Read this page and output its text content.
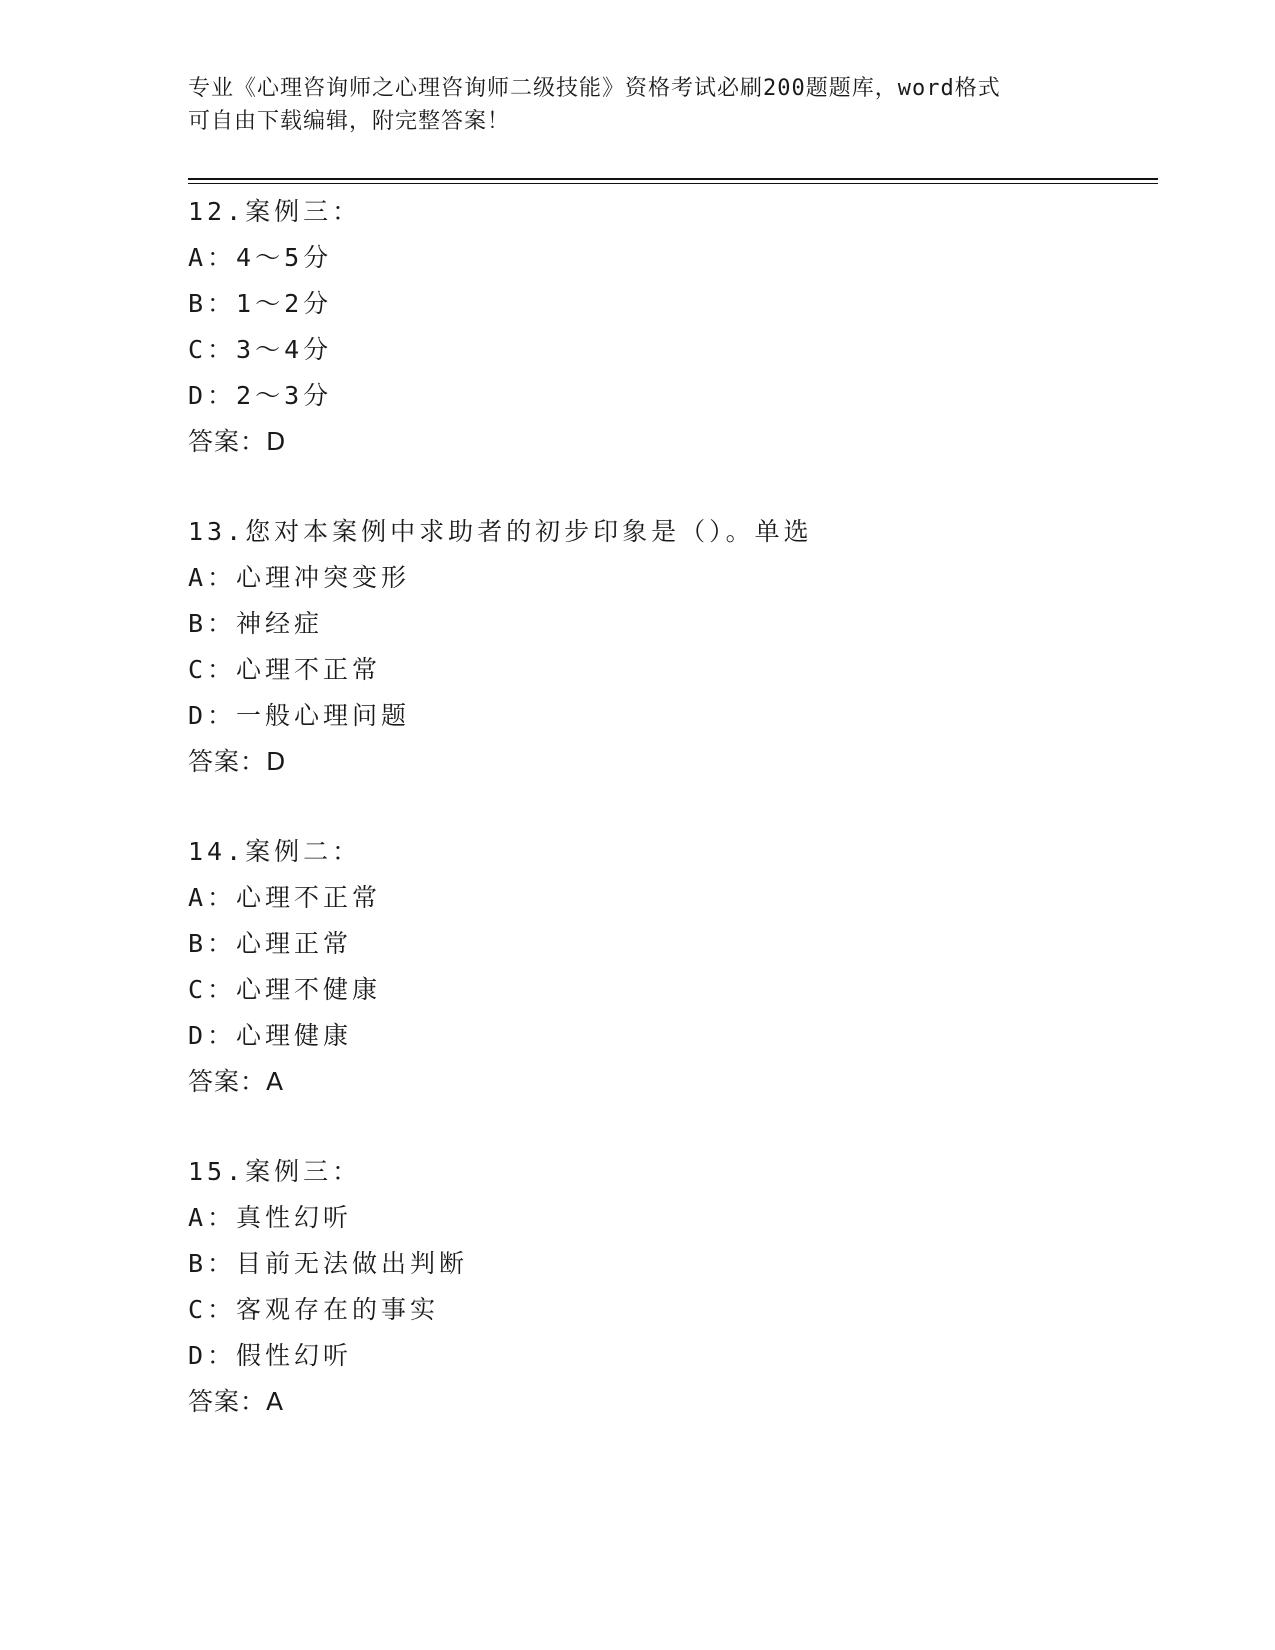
专业《心理咨询师之心理咨询师二级技能》资格考试必刷200题题库，word格式
可自由下载编辑，附完整答案！
12.案例三：
A：4～5分
B：1～2分
C：3～4分
D：2～3分
答案：D
13.您对本案例中求助者的初步印象是（）。单选
A：心理冲突变形
B：神经症
C：心理不正常
D：一般心理问题
答案：D
14.案例二：
A：心理不正常
B：心理正常
C：心理不健康
D：心理健康
答案：A
15.案例三：
A：真性幻听
B：目前无法做出判断
C：客观存在的事实
D：假性幻听
答案：A
